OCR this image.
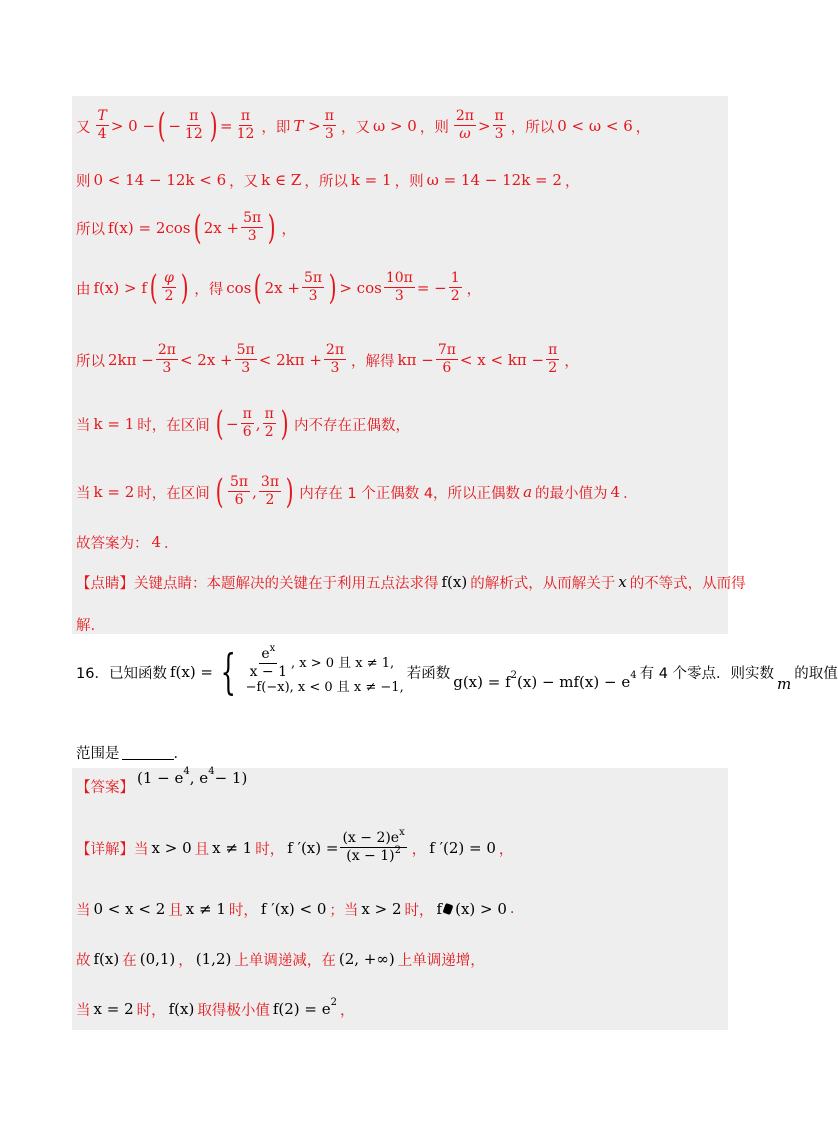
又 $\frac{T}{4} > 0$ − ( − $\frac{\pi}{12}$ ) = $\frac{\pi}{12}$ ，即 $T > \frac{\pi}{3}$ ，又 ω > 0 ，则 $\frac{2\pi}{\omega} > \frac{\pi}{3}$ ，所以 0 < ω < 6 ，
则 0 < 14 − 12k < 6 ，又 k ∈ Z ，所以 k = 1 ，则 ω = 14 − 12k = 2 ，
所以 f(x) = 2cos ( $2x + \frac{5\pi}{3}$ ) ，
由 f(x) > f ( $\frac{\varphi}{2}$ ) ，得 cos ( $2x + \frac{5\pi}{3}$ ) > $\cos \frac{10\pi}{3}$ = − $\frac{1}{2}$ ，
所以 $2k\pi - \frac{2\pi}{3} < 2x + \frac{5\pi}{3} < 2k\pi + \frac{2\pi}{3}$ ，解得 $k\pi - \frac{7\pi}{6} < x < k\pi - \frac{\pi}{2}$ ，
当 k = 1 时，在区间 ( − $\frac{\pi}{6}$ , $\frac{\pi}{2}$ ) 内不存在正偶数，
当 k = 2 时，在区间 ( $\frac{5\pi}{6}$ , $\frac{3\pi}{2}$ ) 内存在 1 个正偶数 4，所以正偶数 a 的最小值为 4 ．
故答案为： 4 ．
【点睛】关键点睛：本题解决的关键在于利用五点法求得 f(x) 的解析式，从而解关于 x 的不等式，从而得
解.
16．已知函数 f(x) = { $\frac{e^x}{x - 1}$ , x > 0 且 x ≠ 1,
−f(−x), x < 0 且 x ≠ −1,
若函数 g(x) = f 2 (x) − mf(x) − e 4 有 4 个零点．则实数
m
的取值
范围是	．
【答案】
(1 − e 4 , e 4 − 1)
【详解】当 x > 0 且 x ≠ 1 时， f $'(x) = \frac{(x - 2)e^x}{(x - 1)^2}$ ， f ′(2) = 0 ，
当 0 < x < 2 且 x ≠ 1 时， f ′(x) < 0 ；当 x > 2 时， f (x) > 0 .
故 f(x) 在 (0,1) ， (1,2) 上单调递减，在 (2, +∞) 上单调递增，
当 x = 2 时， f(x) 取得极小值 f(2) = e 2
，
